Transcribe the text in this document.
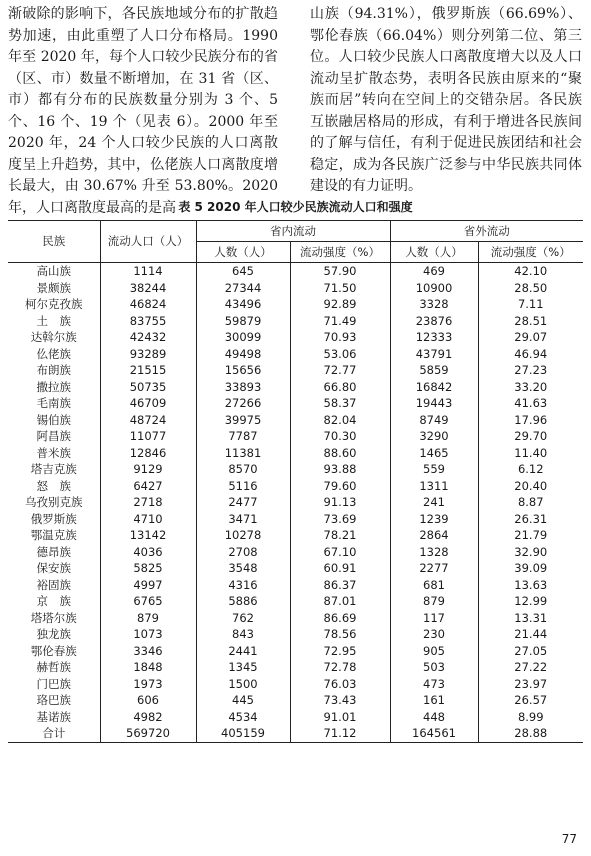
渐破除的影响下，各民族地域分布的扩散趋势加速，由此重塑了人口分布格局。1990 年至 2020 年，每个人口较少民族分布的省（区、市）数量不断增加，在 31 省（区、市）都有分布的民族数量分别为 3 个、5 个、16 个、19 个（见表 6）。2000 年至 2020 年，24 个人口较少民族的人口离散度呈上升趋势，其中，仫佬族人口离散度增长最大，由 30.67% 升至 53.80%。2020 年，人口离散度最高的是高
山族（94.31%），俄罗斯族（66.69%）、鄂伦春族（66.04%）则分列第二位、第三位。人口较少民族人口离散度增大以及人口流动呈扩散态势，表明各民族由原来的“聚族而居”转向在空间上的交错杂居。各民族互嵌融居格局的形成，有利于增进各民族间的了解与信任，有利于促进民族团结和社会稳定，成为各民族广泛参与中华民族共同体建设的有力证明。
表 5 2020 年人口较少民族流动人口和强度
民族	流动人口（人）	省内流动		省外流动	
		人数（人）	流动强度（%）	人数（人）	流动强度（%）
高山族	1114	645	57.90	469	42.10
景颇族	38244	27344	71.50	10900	28.50
柯尔克孜族	46824	43496	92.89	3328	7.11
土　族	83755	59879	71.49	23876	28.51
达斡尔族	42432	30099	70.93	12333	29.07
仫佬族	93289	49498	53.06	43791	46.94
布朗族	21515	15656	72.77	5859	27.23
撒拉族	50735	33893	66.80	16842	33.20
毛南族	46709	27266	58.37	19443	41.63
锡伯族	48724	39975	82.04	8749	17.96
阿昌族	11077	7787	70.30	3290	29.70
普米族	12846	11381	88.60	1465	11.40
塔吉克族	9129	8570	93.88	559	6.12
怒　族	6427	5116	79.60	1311	20.40
乌孜别克族	2718	2477	91.13	241	8.87
俄罗斯族	4710	3471	73.69	1239	26.31
鄂温克族	13142	10278	78.21	2864	21.79
德昂族	4036	2708	67.10	1328	32.90
保安族	5825	3548	60.91	2277	39.09
裕固族	4997	4316	86.37	681	13.63
京　族	6765	5886	87.01	879	12.99
塔塔尔族	879	762	86.69	117	13.31
独龙族	1073	843	78.56	230	21.44
鄂伦春族	3346	2441	72.95	905	27.05
赫哲族	1848	1345	72.78	503	27.22
门巴族	1973	1500	76.03	473	23.97
珞巴族	606	445	73.43	161	26.57
基诺族	4982	4534	91.01	448	8.99
合计	569720	405159	71.12	164561	28.88
77
